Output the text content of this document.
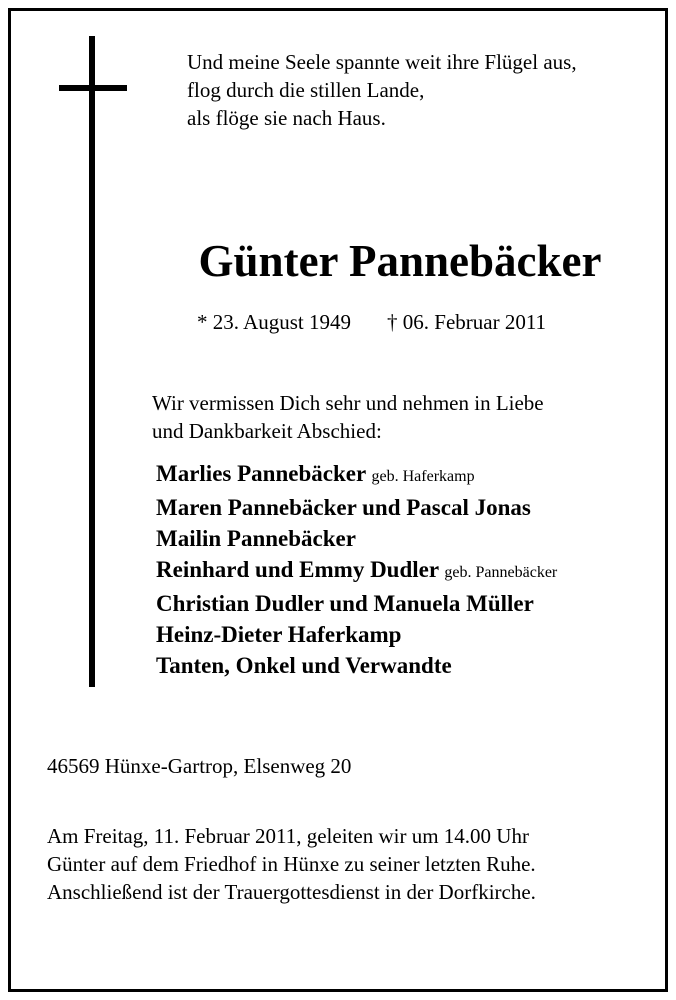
Und meine Seele spannte weit ihre Flügel aus,
flog durch die stillen Lande,
als flöge sie nach Haus.
Günter Pannebäcker
* 23. August 1949 † 06. Februar 2011
Wir vermissen Dich sehr und nehmen in Liebe
und Dankbarkeit Abschied:
Marlies Pannebäcker geb. Haferkamp
Maren Pannebäcker und Pascal Jonas
Mailin Pannebäcker
Reinhard und Emmy Dudler geb. Pannebäcker
Christian Dudler und Manuela Müller
Heinz-Dieter Haferkamp
Tanten, Onkel und Verwandte
46569 Hünxe-Gartrop, Elsenweg 20
Am Freitag, 11. Februar 2011, geleiten wir um 14.00 Uhr
Günter auf dem Friedhof in Hünxe zu seiner letzten Ruhe.
Anschließend ist der Trauergottesdienst in der Dorfkirche.
